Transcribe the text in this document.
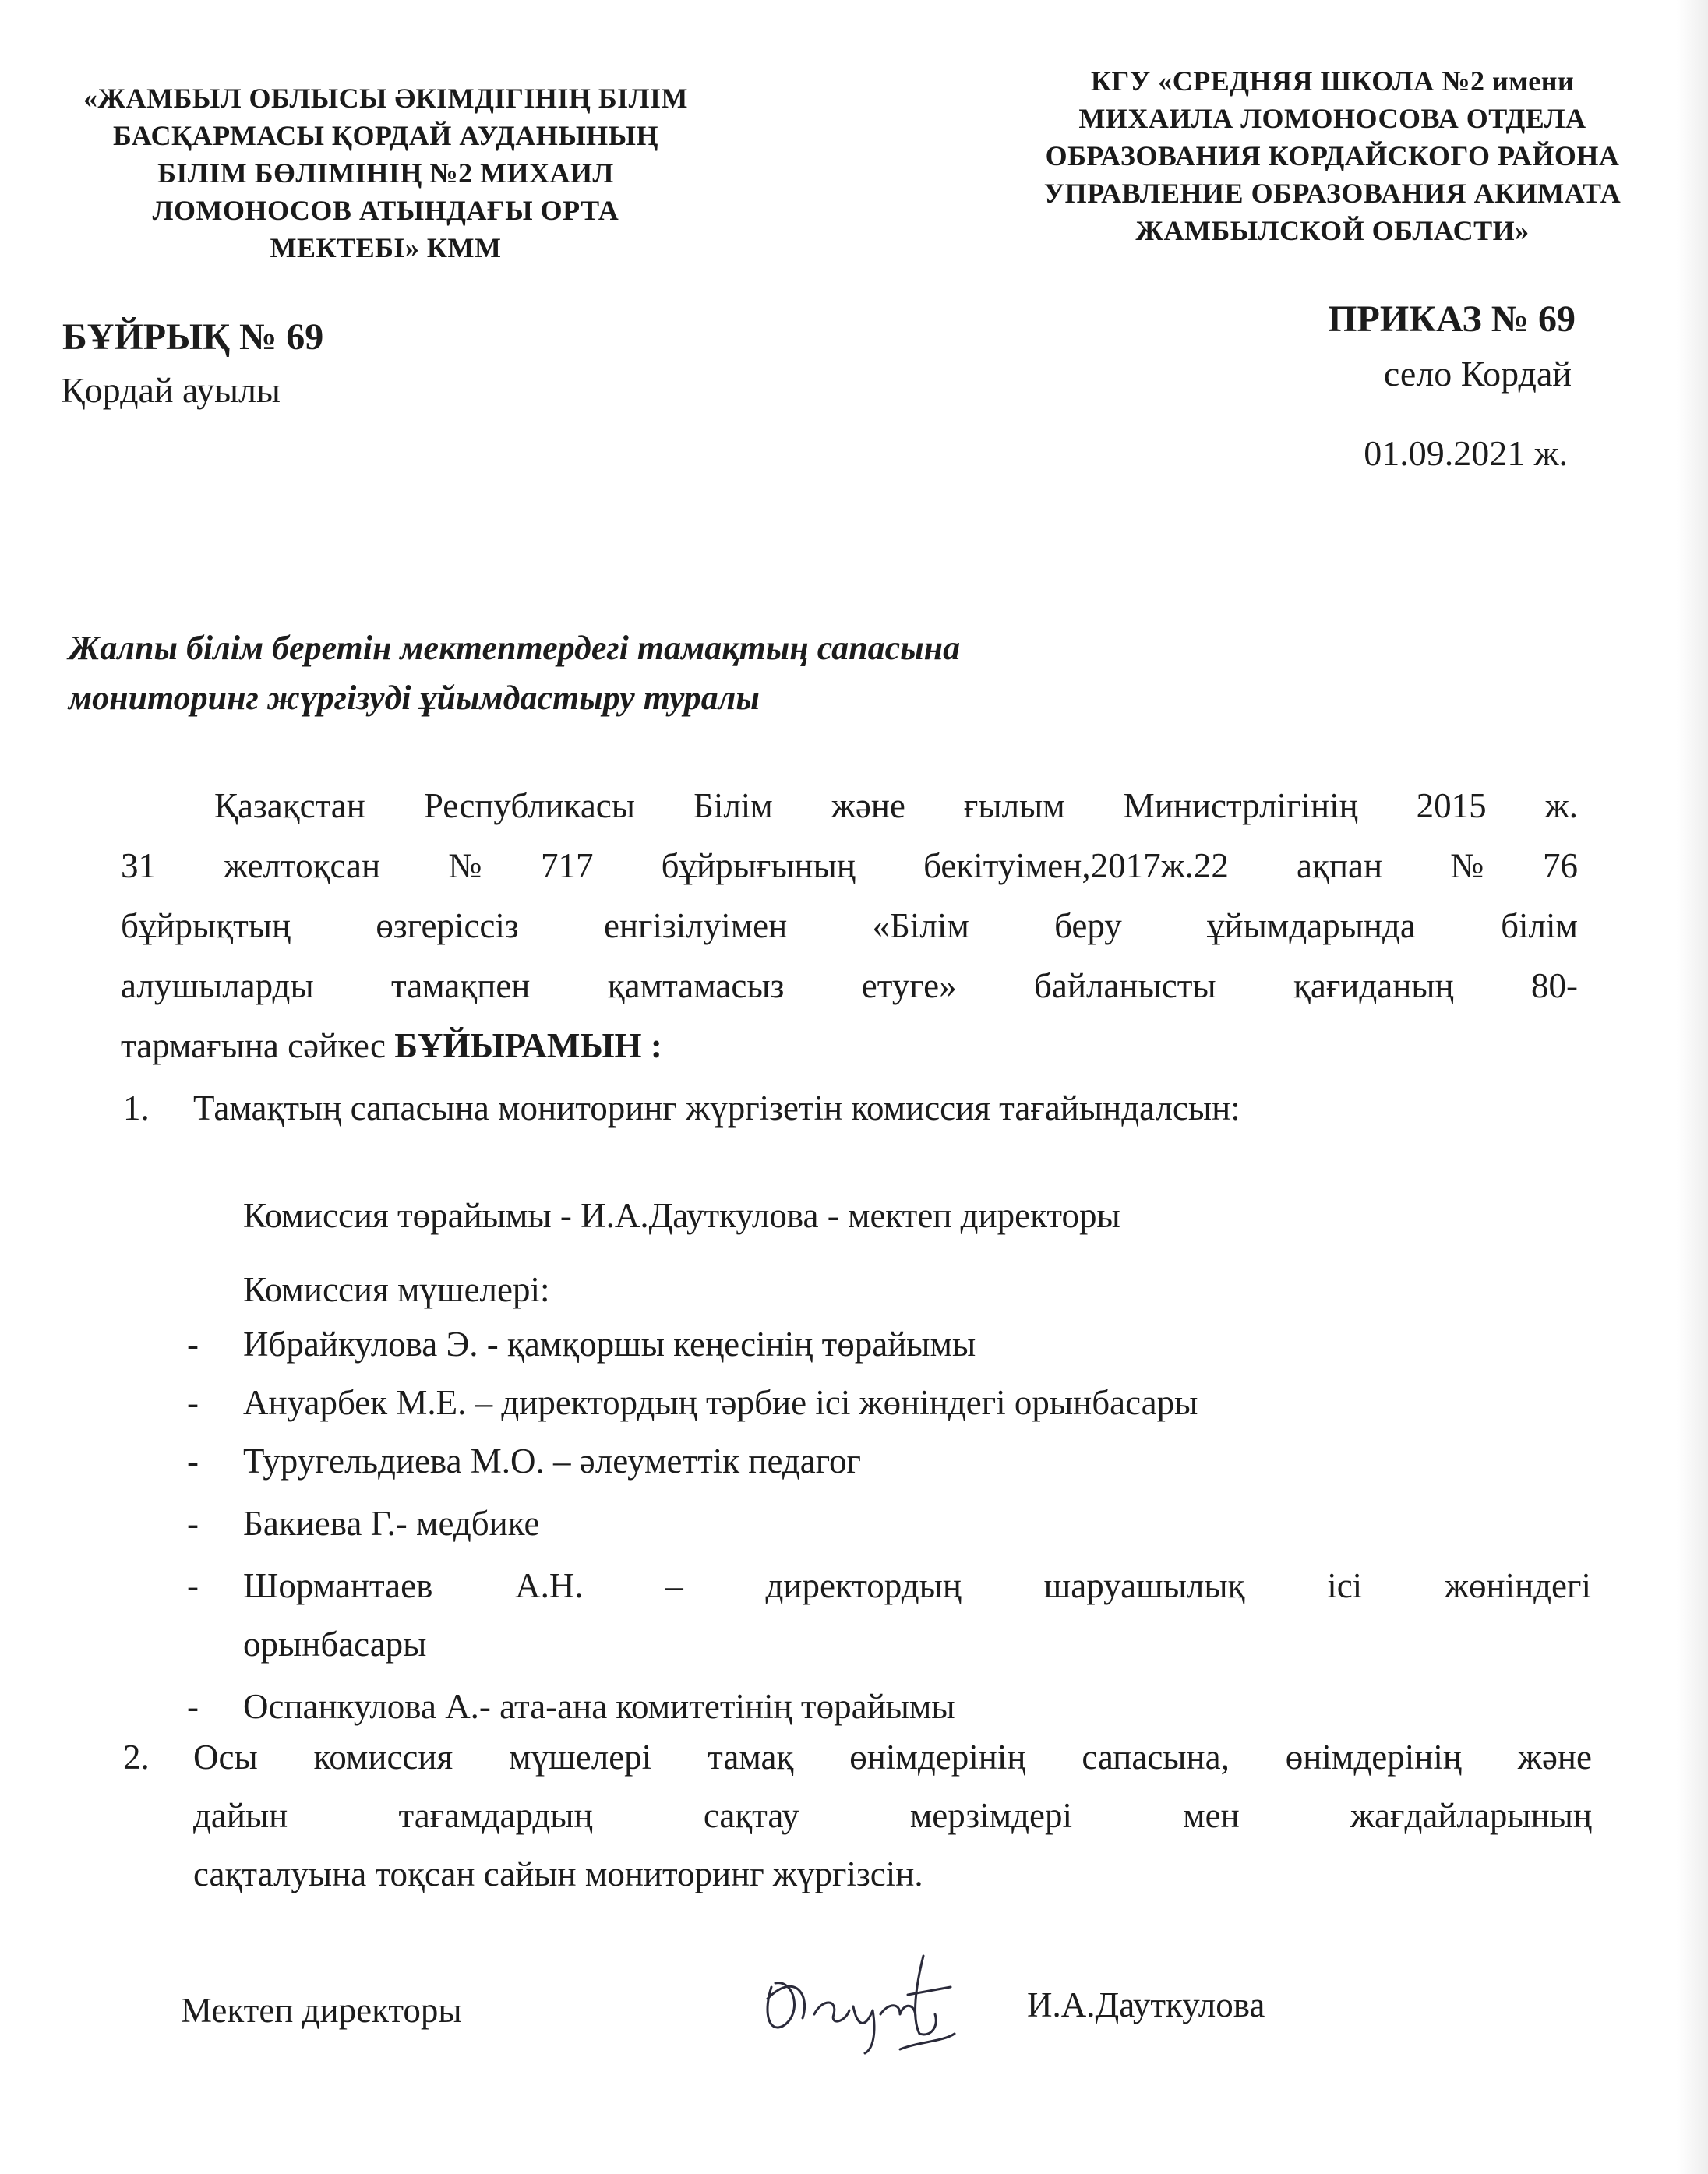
«ЖАМБЫЛ ОБЛЫСЫ ӘКІМДІГІНІҢ БІЛІМ
БАСҚАРМАСЫ ҚОРДАЙ АУДАНЫНЫҢ
БІЛІМ БӨЛІМІНІҢ №2 МИХАИЛ
ЛОМОНОСОВ АТЫНДАҒЫ ОРТА
МЕКТЕБІ» КММ
КГУ «СРЕДНЯЯ ШКОЛА №2 имени
МИХАИЛА ЛОМОНОСОВА ОТДЕЛА
ОБРАЗОВАНИЯ КОРДАЙСКОГО РАЙОНА
УПРАВЛЕНИЕ ОБРАЗОВАНИЯ АКИМАТА
ЖАМБЫЛСКОЙ ОБЛАСТИ»
БҰЙРЫҚ № 69
Қордай ауылы
ПРИКАЗ № 69
село Кордай
01.09.2021 ж.
Жалпы білім беретін мектептердегі тамақтың сапасына
мониторинг жүргізуді ұйымдастыру туралы
Қазақстан Республикасы Білім және ғылым Министрлігінің 2015 ж.
31 желтоқсан №717 бұйрығының бекітуімен,2017ж.22 ақпан №76
бұйрықтың өзгеріссіз енгізілуімен «Білім беру ұйымдарында білім
алушыларды тамақпен қамтамасыз етуге» байланысты қағиданың 80-
тармағына сәйкес БҰЙЫРАМЫН :
1. Тамақтың сапасына мониторинг жүргізетін комиссия тағайындалсын:
Комиссия төрайымы - И.А.Дауткулова - мектеп директоры
Комиссия мүшелері:
- Ибрайкулова Э. - қамқоршы кеңесінің төрайымы
- Ануарбек М.Е. – директордың тәрбие ісі жөніндегі орынбасары
- Туругельдиева М.О. – әлеуметтік педагог
- Бакиева Г.- медбике
- Шормантаев А.Н. – директордың шаруашылық ісі жөніндегі
орынбасары
- Оспанкулова А.- ата-ана комитетінің төрайымы
2. Осы комиссия мүшелері тамақ өнімдерінің сапасына, өнімдерінің және
дайын тағамдардың сақтау мерзімдері мен жағдайларының
сақталуына тоқсан сайын мониторинг жүргізсін.
Мектеп директоры	И.А.Дауткулова
